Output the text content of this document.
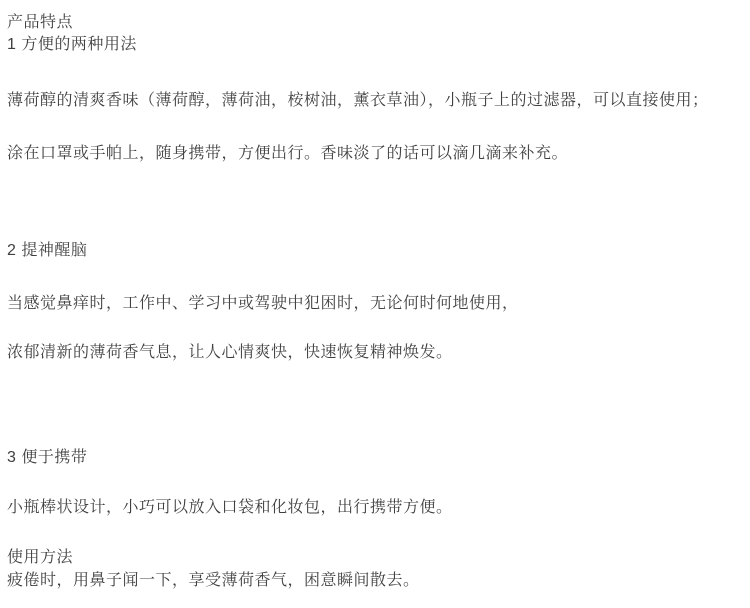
产品特点
1 方便的两种用法
薄荷醇的清爽香味（薄荷醇，薄荷油，桉树油，薰衣草油），小瓶子上的过滤器，可以直接使用；
涂在口罩或手帕上，随身携带，方便出行。香味淡了的话可以滴几滴来补充。
2 提神醒脑
当感觉鼻痒时，工作中、学习中或驾驶中犯困时，无论何时何地使用，
浓郁清新的薄荷香气息，让人心情爽快，快速恢复精神焕发。
3 便于携带
小瓶棒状设计，小巧可以放入口袋和化妆包，出行携带方便。
使用方法
疲倦时，用鼻子闻一下，享受薄荷香气，困意瞬间散去。
